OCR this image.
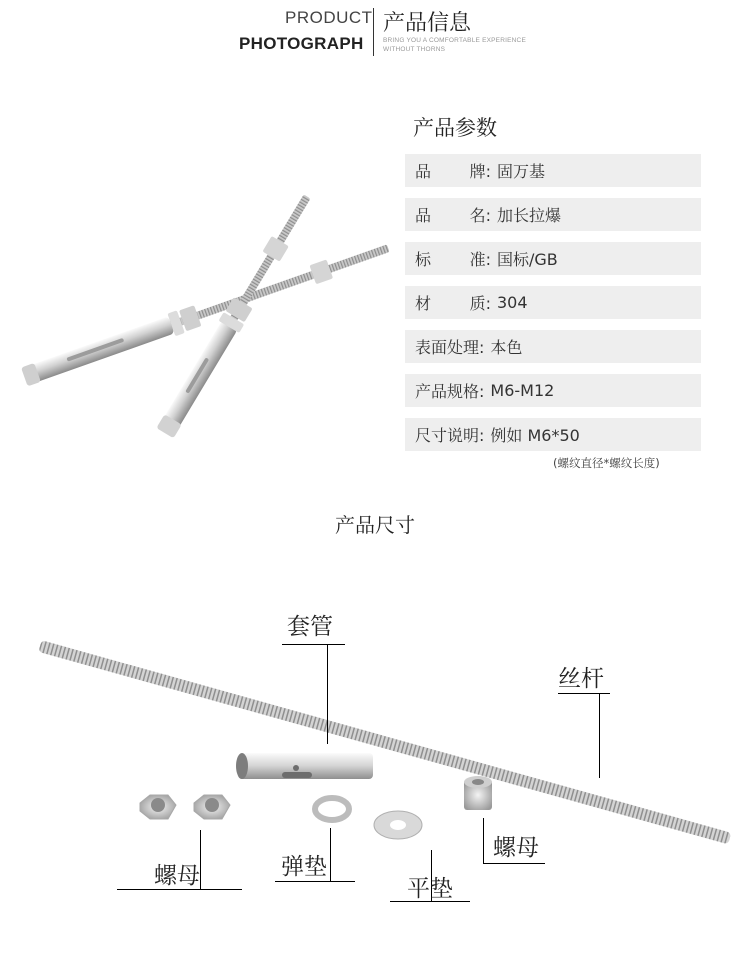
PRODUCT
PHOTOGRAPH
产品信息
BRING YOU A COMFORTABLE EXPERIENCE
WITHOUT THORNS
产品参数
品 牌: 固万基
品 名: 加长拉爆
标 准: 国标/GB
材 质: 304
表面处理: 本色
产品规格: M6-M12
尺寸说明: 例如 M6*50
(螺纹直径*螺纹长度)
产品尺寸
套管
丝杆
螺母	弹垫
平垫
螺母
